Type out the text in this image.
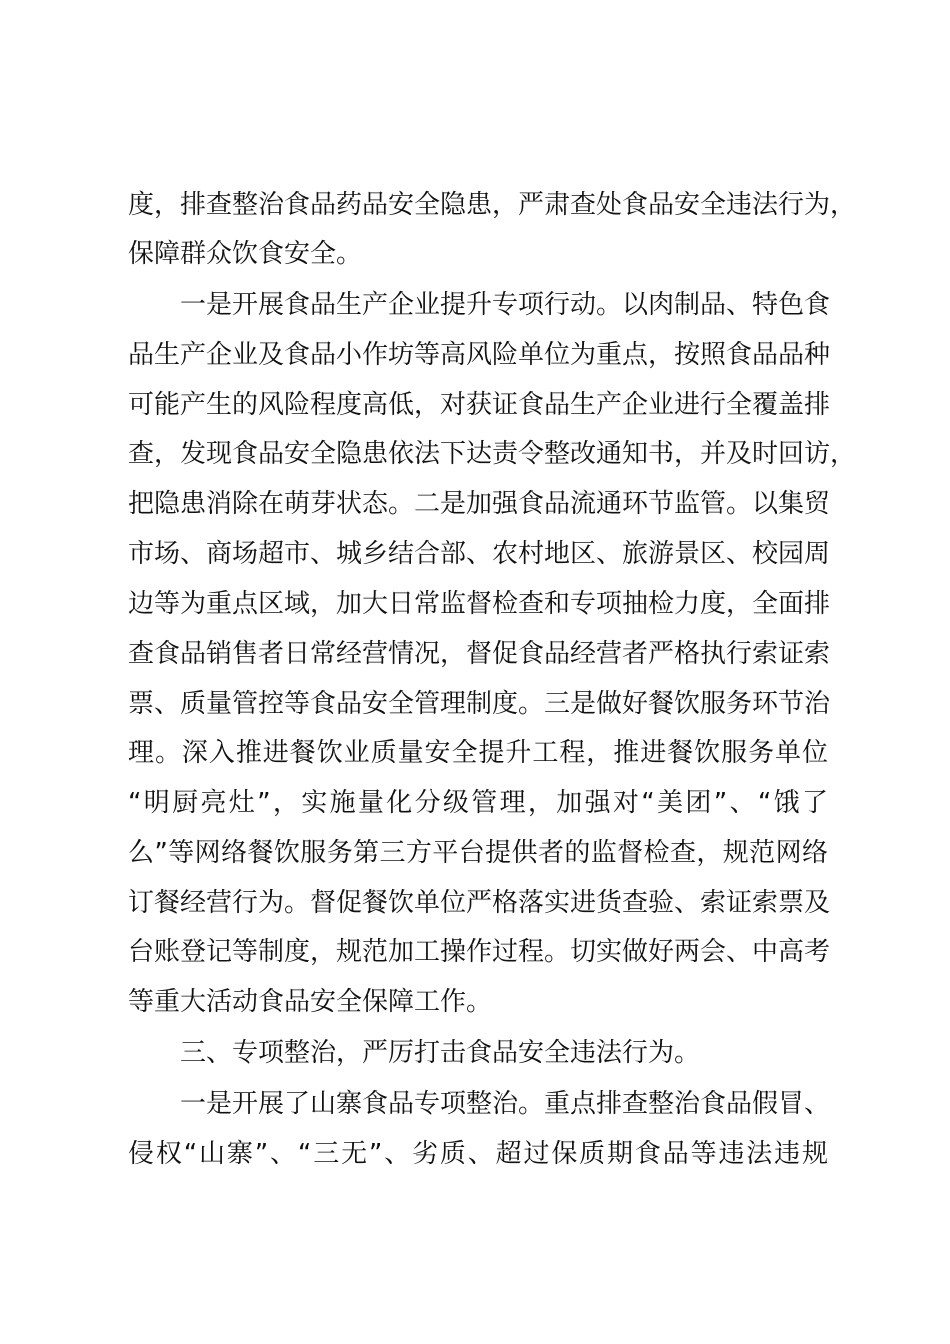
度，排查整治食品药品安全隐患，严肃查处食品安全违法行为，
保障群众饮食安全。
一是开展食品生产企业提升专项行动。以肉制品、特色食
品生产企业及食品小作坊等高风险单位为重点，按照食品品种
可能产生的风险程度高低，对获证食品生产企业进行全覆盖排
查，发现食品安全隐患依法下达责令整改通知书，并及时回访，
把隐患消除在萌芽状态。二是加强食品流通环节监管。以集贸
市场、商场超市、城乡结合部、农村地区、旅游景区、校园周
边等为重点区域，加大日常监督检查和专项抽检力度，全面排
查食品销售者日常经营情况，督促食品经营者严格执行索证索
票、质量管控等食品安全管理制度。三是做好餐饮服务环节治
理。深入推进餐饮业质量安全提升工程，推进餐饮服务单位
“明厨亮灶”，实施量化分级管理，加强对“美团”、“饿了
么”等网络餐饮服务第三方平台提供者的监督检查，规范网络
订餐经营行为。督促餐饮单位严格落实进货查验、索证索票及
台账登记等制度，规范加工操作过程。切实做好两会、中高考
等重大活动食品安全保障工作。
三、专项整治，严厉打击食品安全违法行为。
一是开展了山寨食品专项整治。重点排查整治食品假冒、
侵权“山寨”、“三无”、劣质、超过保质期食品等违法违规
